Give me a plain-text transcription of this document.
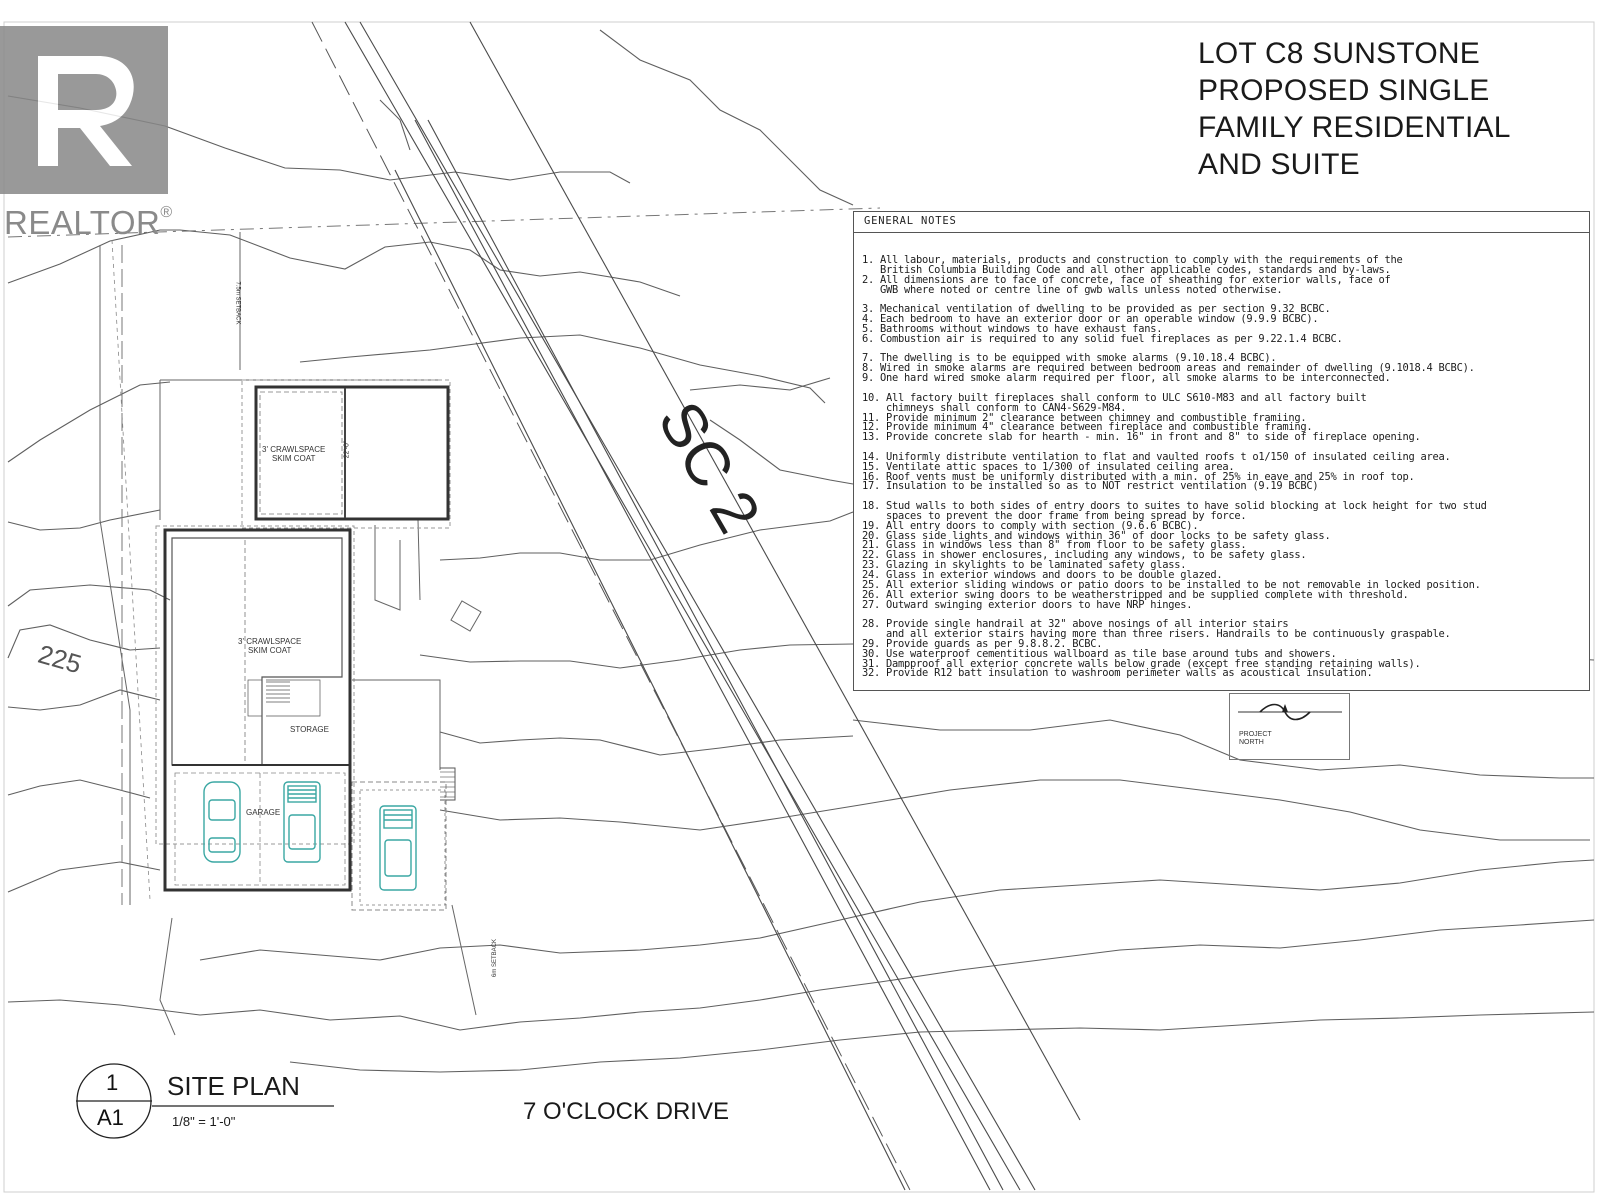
REALTOR®
LOT C8 SUNSTONE
PROPOSED SINGLE
FAMILY RESIDENTIAL
AND SUITE
GENERAL NOTES
1. All labour, materials, products and construction to comply with the requirements of the
British Columbia Building Code and all other applicable codes, standards and by-laws.
2. All dimensions are to face of concrete, face of sheathing for exterior walls, face of
GWB where noted or centre line of gwb walls unless noted otherwise.
3. Mechanical ventilation of dwelling to be provided as per section 9.32 BCBC.
4. Each bedroom to have an exterior door or an operable window (9.9.9 BCBC).
5. Bathrooms without windows to have exhaust fans.
6. Combustion air is required to any solid fuel fireplaces as per 9.22.1.4 BCBC.
7. The dwelling is to be equipped with smoke alarms (9.10.18.4 BCBC).
8. Wired in smoke alarms are required between bedroom areas and remainder of dwelling (9.1018.4 BCBC).
9. One hard wired smoke alarm required per floor, all smoke alarms to be interconnected.
10. All factory built fireplaces shall conform to ULC S610-M83 and all factory built
chimneys shall conform to CAN4-S629-M84.
11. Provide minimum 2" clearance between chimney and combustible framiing.
12. Provide minimum 4" clearance between fireplace and combustible framing.
13. Provide concrete slab for hearth - min. 16" in front and 8" to side of fireplace opening.
14. Uniformly distribute ventilation to flat and vaulted roofs t o1/150 of insulated ceiling area.
15. Ventilate attic spaces to 1/300 of insulated ceiling area.
16. Roof vents must be uniformly distributed with a min. of 25% in eave and 25% in roof top.
17. Insulation to be installed so as to NOT restrict ventilation (9.19 BCBC)
18. Stud walls to both sides of entry doors to suites to have solid blocking at lock height for two stud
spaces to prevent the door frame from being spread by force.
19. All entry doors to comply with section (9.6.6 BCBC).
20. Glass side lights and windows within 36" of door locks to be safety glass.
21. Glass in windows less than 8" from floor to be safety glass.
22. Glass in shower enclosures, including any windows, to be safety glass.
23. Glazing in skylights to be laminated safety glass.
24. Glass in exterior windows and doors to be double glazed.
25. All exterior sliding windows or patio doors to be installed to be not removable in locked position.
26. All exterior swing doors to be weatherstripped and be supplied complete with threshold.
27. Outward swinging exterior doors to have NRP hinges.
28. Provide single handrail at 32" above nosings of all interior stairs
and all exterior stairs having more than three risers. Handrails to be continuously graspable.
29. Provide guards as per 9.8.8.2. BCBC.
30. Use waterproof cementitious wallboard as tile base around tubs and showers.
31. Dampproof all exterior concrete walls below grade (except free standing retaining walls).
32. Provide R12 batt insulation to washroom perimeter walls as acoustical insulation.
SC 2
225
3' CRAWLSPACE
SKIM COAT
3' CRAWLSPACE
SKIM COAT
STORAGE
GARAGE
22'-0"
6m SETBACK
7.5m SETBACK
PROJECT
NORTH
1
A1
SITE PLAN
1/8" = 1'-0"	7 O'CLOCK DRIVE
